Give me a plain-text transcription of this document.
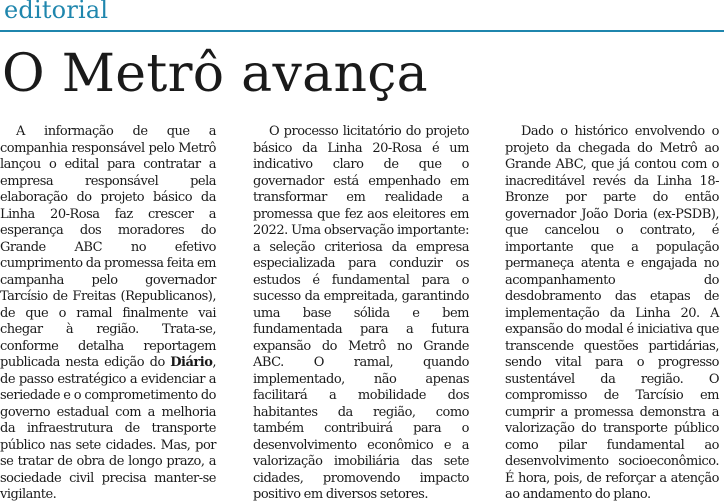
editorial
O Metrô avança

A informação de que a companhia responsável pelo Metrô lançou o edital para contratar a empresa responsável pela elaboração do projeto básico da Linha 20-Rosa faz crescer a esperança dos moradores do Grande ABC no efetivo cumprimento da promessa feita em campanha pelo governador Tarcísio de Freitas (Republicanos), de que o ramal finalmente vai chegar à região. Trata-se, conforme detalha reportagem publicada nesta edição do Diário, de passo estratégico a evidenciar a seriedade e o comprometimento do governo estadual com a melhoria da infraestrutura de transporte público nas sete cidades. Mas, por se tratar de obra de longo prazo, a sociedade civil precisa manter-se vigilante.

O processo licitatório do projeto básico da Linha 20-Rosa é um indicativo claro de que o governador está empenhado em transformar em realidade a promessa que fez aos eleitores em 2022. Uma observação importante: a seleção criteriosa da empresa especializada para conduzir os estudos é fundamental para o sucesso da empreitada, garantindo uma base sólida e bem fundamentada para a futura expansão do Metrô no Grande ABC. O ramal, quando implementado, não apenas facilitará a mobilidade dos habitantes da região, como também contribuirá para o desenvolvimento econômico e a valorização imobiliária das sete cidades, promovendo impacto positivo em diversos setores.

Dado o histórico envolvendo o projeto da chegada do Metrô ao Grande ABC, que já contou com o inacreditável revés da Linha 18-Bronze por parte do então governador João Doria (ex-PSDB), que cancelou o contrato, é importante que a população permaneça atenta e engajada no acompanhamento do desdobramento das etapas de implementação da Linha 20. A expansão do modal é iniciativa que transcende questões partidárias, sendo vital para o progresso sustentável da região. O compromisso de Tarcísio em cumprir a promessa demonstra a valorização do transporte público como pilar fundamental ao desenvolvimento socioeconômico. É hora, pois, de reforçar a atenção ao andamento do plano.
